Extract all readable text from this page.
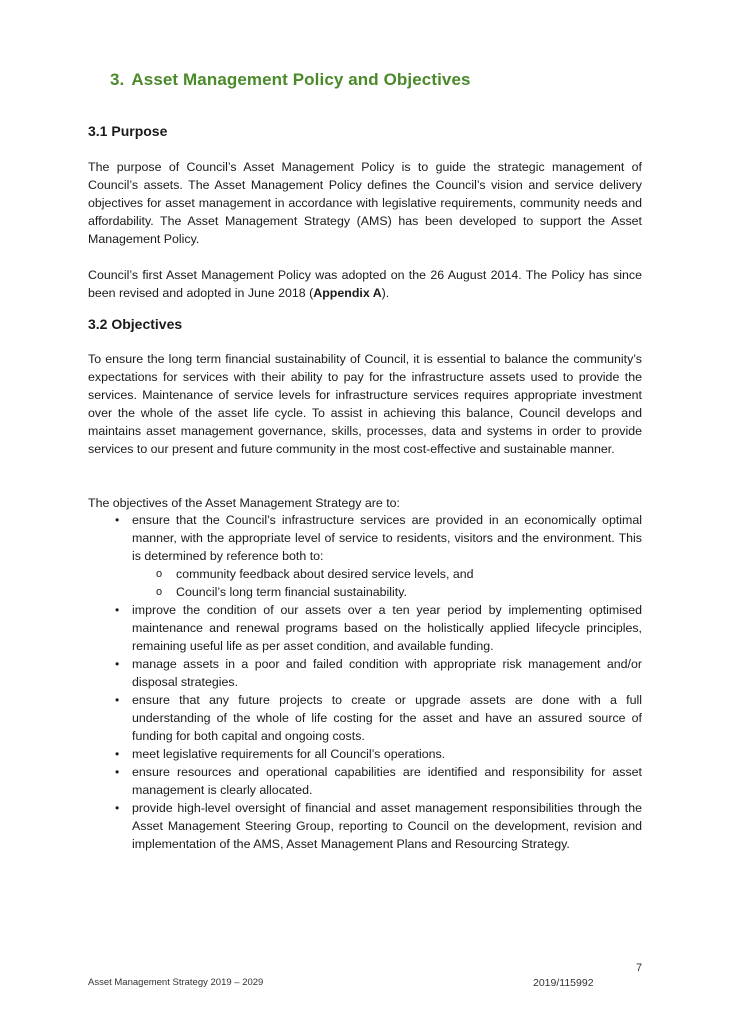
3. Asset Management Policy and Objectives
3.1 Purpose
The purpose of Council’s Asset Management Policy is to guide the strategic management of Council’s assets. The Asset Management Policy defines the Council’s vision and service delivery objectives for asset management in accordance with legislative requirements, community needs and affordability. The Asset Management Strategy (AMS) has been developed to support the Asset Management Policy.
Council’s first Asset Management Policy was adopted on the 26 August 2014. The Policy has since been revised and adopted in June 2018 (Appendix A).
3.2 Objectives
To ensure the long term financial sustainability of Council, it is essential to balance the community’s expectations for services with their ability to pay for the infrastructure assets used to provide the services. Maintenance of service levels for infrastructure services requires appropriate investment over the whole of the asset life cycle. To assist in achieving this balance, Council develops and maintains asset management governance, skills, processes, data and systems in order to provide services to our present and future community in the most cost-effective and sustainable manner.
The objectives of the Asset Management Strategy are to:
• ensure that the Council’s infrastructure services are provided in an economically optimal manner, with the appropriate level of service to residents, visitors and the environment. This is determined by reference both to:
o community feedback about desired service levels, and
o Council’s long term financial sustainability.
• improve the condition of our assets over a ten year period by implementing optimised maintenance and renewal programs based on the holistically applied lifecycle principles, remaining useful life as per asset condition, and available funding.
• manage assets in a poor and failed condition with appropriate risk management and/or disposal strategies.
• ensure that any future projects to create or upgrade assets are done with a full understanding of the whole of life costing for the asset and have an assured source of funding for both capital and ongoing costs.
• meet legislative requirements for all Council’s operations.
• ensure resources and operational capabilities are identified and responsibility for asset management is clearly allocated.
• provide high-level oversight of financial and asset management responsibilities through the Asset Management Steering Group, reporting to Council on the development, revision and implementation of the AMS, Asset Management Plans and Resourcing Strategy.
7
Asset Management Strategy 2019 – 2029	2019/115992
